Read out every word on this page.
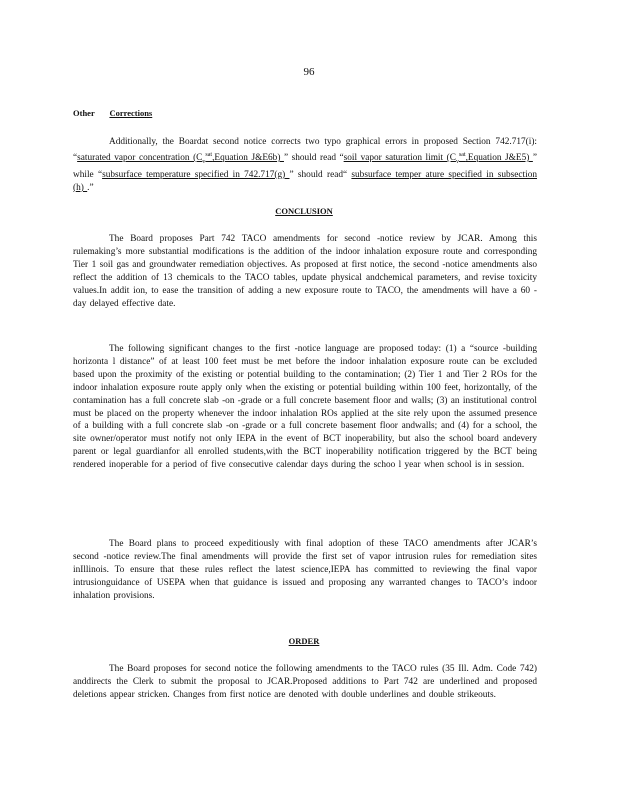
96
Other Corrections
Additionally, the Boardat second notice corrects two typo graphical errors in proposed Section 742.717(i): “saturated vapor concentration ($C_v^{sat},Equation$ J&E6b) ” should read “soil vapor saturation limit ($C_v^{sat},Equation$ J&E5) ” while “subsurface temperature specified in 742.717(g) ” should read“ subsurface temper ature specified in subsection (h) .”
CONCLUSION
The Board proposes Part 742 TACO amendments for second -notice review by JCAR. Among this rulemaking’s more substantial modifications is the addition of the indoor inhalation exposure route and corresponding Tier 1 soil gas and groundwater remediation objectives. As proposed at first notice, the second -notice amendments also reflect the addition of 13 chemicals to the TACO tables, update physical andchemical parameters, and revise toxicity values.In addit ion, to ease the transition of adding a new exposure route to TACO, the amendments will have a 60 -day delayed effective date.
The following significant changes to the first -notice language are proposed today: (1) a “source -building horizonta l distance” of at least 100 feet must be met before the indoor inhalation exposure route can be excluded based upon the proximity of the existing or potential building to the contamination; (2) Tier 1 and Tier 2 ROs for the indoor inhalation exposure route apply only when the existing or potential building within 100 feet, horizontally, of the contamination has a full concrete slab -on -grade or a full concrete basement floor and walls; (3) an institutional control must be placed on the property whenever the indoor inhalation ROs applied at the site rely upon the assumed presence of a building with a full concrete slab -on -grade or a full concrete basement floor andwalls; and (4) for a school, the site owner/operator must notify not only IEPA in the event of BCT inoperability, but also the school board andevery parent or legal guardianfor all enrolled students,with the BCT inoperability notification triggered by the BCT being rendered inoperable for a period of five consecutive calendar days during the schoo l year when school is in session.
The Board plans to proceed expeditiously with final adoption of these TACO amendments after JCAR’s second -notice review.The final amendments will provide the first set of vapor intrusion rules for remediation sites inIllinois. To ensure that these rules reflect the latest science,IEPA has committed to reviewing the final vapor intrusionguidance of USEPA when that guidance is issued and proposing any warranted changes to TACO’s indoor inhalation provisions.
ORDER
The Board proposes for second notice the following amendments to the TACO rules (35 Ill. Adm. Code 742) anddirects the Clerk to submit the proposal to JCAR.Proposed additions to Part 742 are underlined and proposed deletions appear stricken. Changes from first notice are denoted with double underlines and double strikeouts.
